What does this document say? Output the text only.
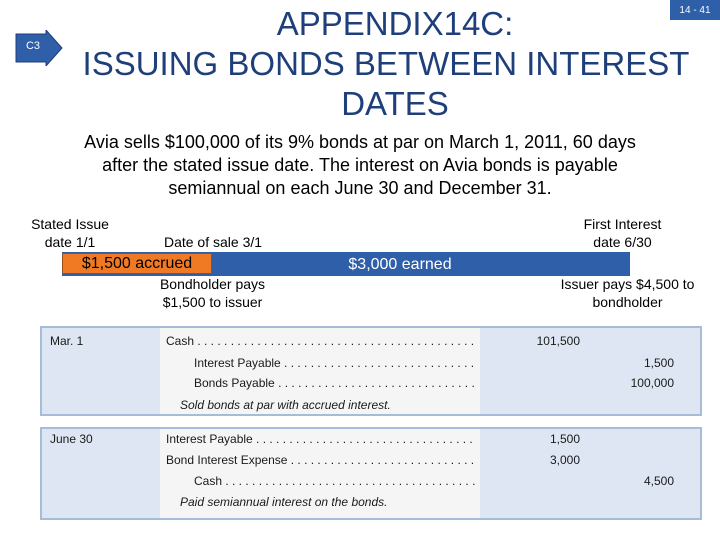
14 - 41
C3
APPENDIX14C:
ISSUING BONDS BETWEEN INTEREST
DATES
Avia sells $100,000 of its 9% bonds at par on March 1, 2011, 60 days
after the stated issue date. The interest on Avia bonds is payable
semiannual on each June 30 and December 31.
Stated Issue
date 1/1	Date of sale 3/1
First Interest
date 6/30
$1,500 accrued	$3,000 earned
Bondholder pays
$1,500 to issuer
Issuer pays $4,500 to
bondholder
Mar. 1	Cash . . .	101,500
Interest Payable . . .	1,500
Bonds Payable . . .	100,000
Sold bonds at par with accrued interest.
June 30	Interest Payable . . .	1,500
Bond Interest Expense . . .	3,000
Cash . . .	4,500
Paid semiannual interest on the bonds.
